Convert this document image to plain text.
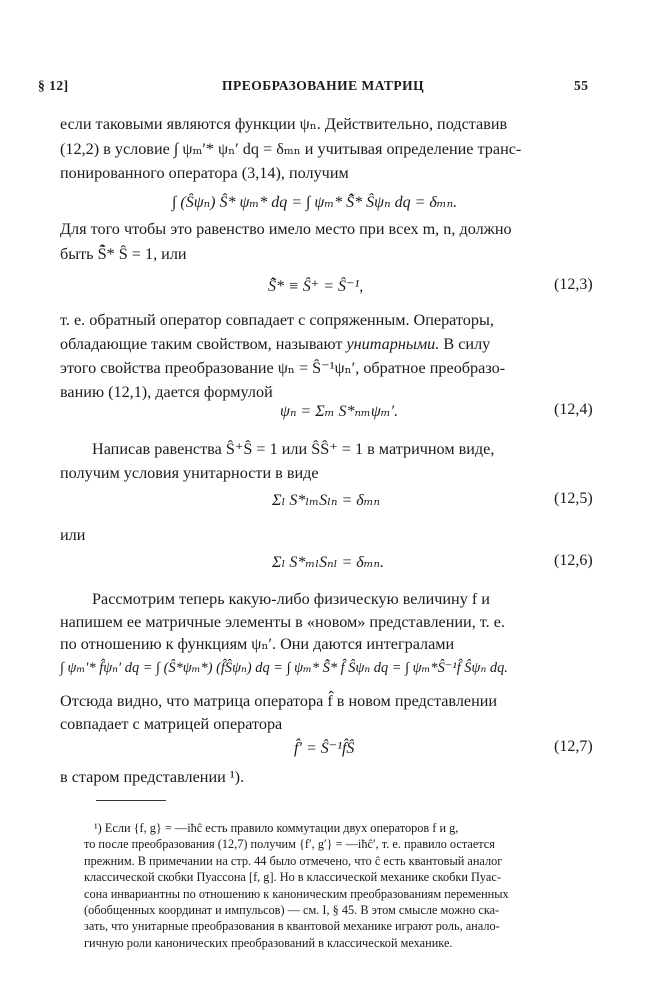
§ 12]	ПРЕОБРАЗОВАНИЕ МАТРИЦ	55
если таковыми являются функции ψₙ. Действительно, подставив
(12,2) в условие ∫ ψₘ′* ψₙ′ dq = δₘₙ и учитывая определение транс-
понированного оператора (3,14), получим
∫ (Ŝψₙ) Ŝ* ψₘ* dq = ∫ ψₘ* S̃̂* Ŝψₙ dq = δₘₙ.
Для того чтобы это равенство имело место при всех m, n, должно
быть S̃̂* Ŝ = 1, или
S̃̂* ≡ Ŝ⁺ = Ŝ⁻¹,	(12,3)
т. е. обратный оператор совпадает с сопряженным. Операторы,
обладающие таким свойством, называют унитарными. В силу
этого свойства преобразование ψₙ = Ŝ⁻¹ψₙ′, обратное преобразо-
ванию (12,1), дается формулой
ψₙ = Σₘ S*ₙₘψₘ′.	(12,4)
Написав равенства Ŝ⁺Ŝ = 1 или ŜŜ⁺ = 1 в матричном виде,
получим условия унитарности в виде
Σₗ S*ₗₘSₗₙ = δₘₙ	(12,5)
или
Σₗ S*ₘₗSₙₗ = δₘₙ.	(12,6)
Рассмотрим теперь какую-либо физическую величину f и
напишем ее матричные элементы в «новом» представлении, т. е.
по отношению к функциям ψₙ′. Они даются интегралами
∫ ψₘ′* f̂ψₙ′ dq = ∫ (Ŝ*ψₘ*) (f̂Ŝψₙ) dq = ∫ ψₘ* S̃̂* f̂ Ŝψₙ dq = ∫ ψₘ*Ŝ⁻¹f̂ Ŝψₙ dq.
Отсюда видно, что матрица оператора f̂ в новом представлении
совпадает с матрицей оператора
f̂′ = Ŝ⁻¹f̂Ŝ	(12,7)
в старом представлении ¹).
¹) Если {f, g} = —iħĉ есть правило коммутации двух операторов f и g,
то после преобразования (12,7) получим {f′, g′} = —iħĉ′, т. е. правило остается
прежним. В примечании на стр. 44 было отмечено, что ĉ есть квантовый аналог
классической скобки Пуассона [f, g]. Но в классической механике скобки Пуас-
сона инвариантны по отношению к каноническим преобразованиям переменных
(обобщенных координат и импульсов) — см. I, § 45. В этом смысле можно ска-
зать, что унитарные преобразования в квантовой механике играют роль, анало-
гичную роли канонических преобразований в классической механике.
